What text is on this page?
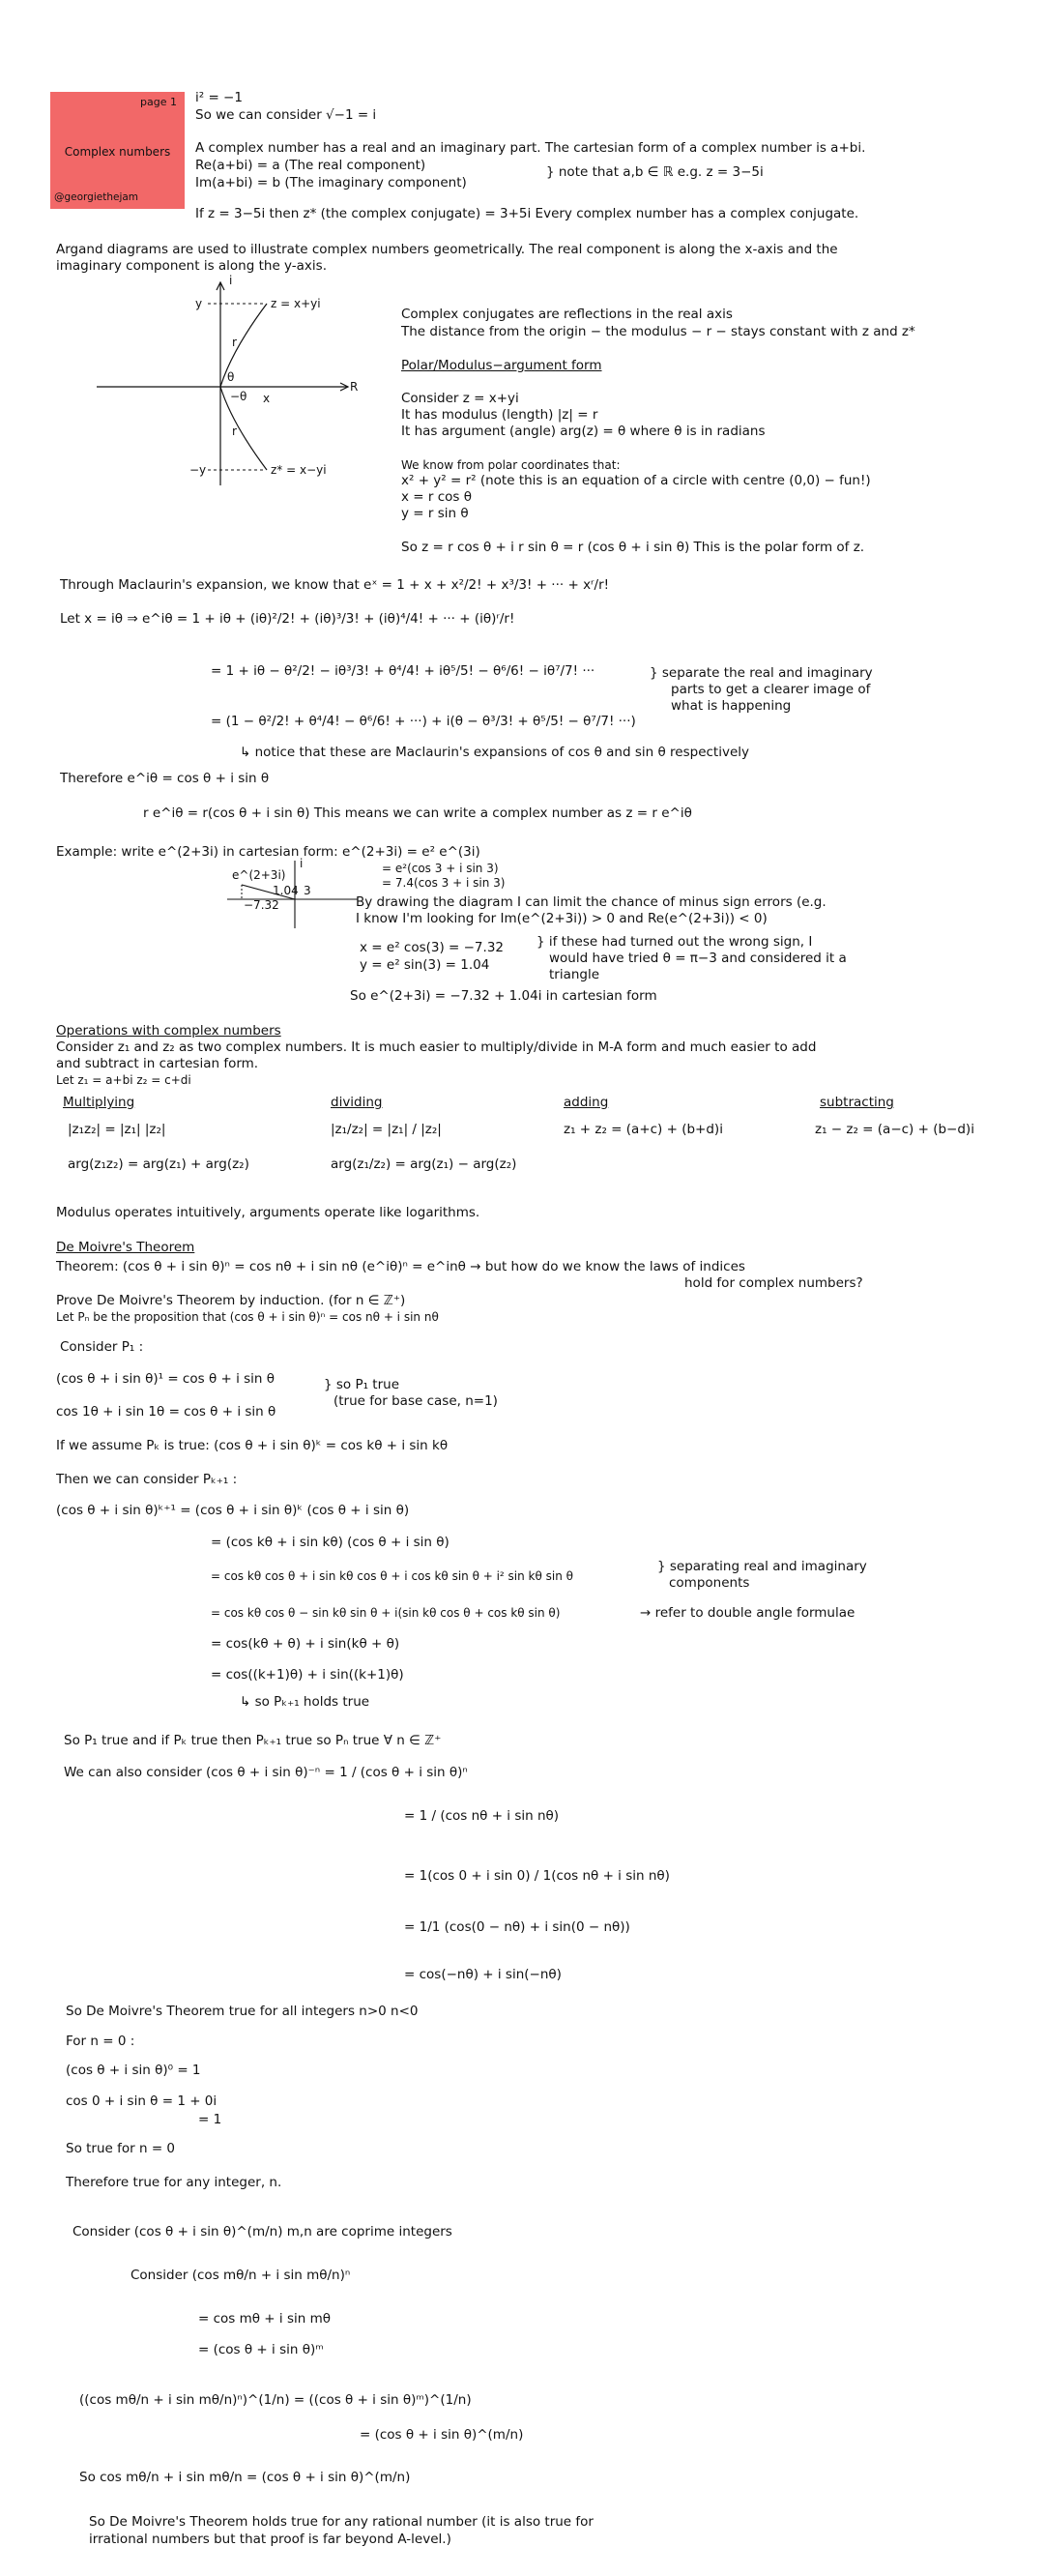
page 1
Complex numbers
@georgiethejam
i² = −1
So we can consider √−1 = i
A complex number has a real and an imaginary part. The cartesian form of a complex number is a+bi.
Re(a+bi) = a (The real component)
Im(a+bi) = b (The imaginary component)
} note that a,b ∈ ℝ e.g. z = 3−5i
If z = 3−5i then z* (the complex conjugate) = 3+5i Every complex number has a complex conjugate.
Argand diagrams are used to illustrate complex numbers geometrically. The real component is along the x-axis and the
imaginary component is along the y-axis.
i
R
z = x+yi
z* = x−yi
y
−y
x
r
r
θ
−θ
Complex conjugates are reflections in the real axis
The distance from the origin − the modulus − r − stays constant with z and z*
Polar/Modulus−argument form
Consider z = x+yi
It has modulus (length) |z| = r
It has argument (angle) arg(z) = θ where θ is in radians
We know from polar coordinates that:
x² + y² = r² (note this is an equation of a circle with centre (0,0) − fun!)
x = r cos θ
y = r sin θ
So z = r cos θ + i r sin θ = r (cos θ + i sin θ) This is the polar form of z.
Through Maclaurin's expansion, we know that eˣ = 1 + x + x²/2! + x³/3! + ··· + xʳ/r!
Let x = iθ ⇒ e^iθ = 1 + iθ + (iθ)²/2! + (iθ)³/3! + (iθ)⁴/4! + ··· + (iθ)ʳ/r!
= 1 + iθ − θ²/2! − iθ³/3! + θ⁴/4! + iθ⁵/5! − θ⁶/6! − iθ⁷/7! ···	} separate the real and imaginary
parts to get a clearer image of
what is happening
= (1 − θ²/2! + θ⁴/4! − θ⁶/6! + ···) + i(θ − θ³/3! + θ⁵/5! − θ⁷/7! ···)
↳ notice that these are Maclaurin's expansions of cos θ and sin θ respectively
Therefore e^iθ = cos θ + i sin θ
r e^iθ = r(cos θ + i sin θ) This means we can write a complex number as z = r e^iθ
Example: write e^(2+3i) in cartesian form: e^(2+3i) = e² e^(3i)
= e²(cos 3 + i sin 3)
= 7.4(cos 3 + i sin 3)
e^(2+3i)
−7.32
1.04 3
i
By drawing the diagram I can limit the chance of minus sign errors (e.g.
I know I'm looking for Im(e^(2+3i)) > 0 and Re(e^(2+3i)) < 0)
x = e² cos(3) = −7.32
y = e² sin(3) = 1.04
} if these had turned out the wrong sign, I
would have tried θ = π−3 and considered it a
triangle
So e^(2+3i) = −7.32 + 1.04i in cartesian form
Operations with complex numbers
Consider z₁ and z₂ as two complex numbers. It is much easier to multiply/divide in M-A form and much easier to add
and subtract in cartesian form.
Let z₁ = a+bi z₂ = c+di
Multiplying
|z₁z₂| = |z₁| |z₂|
arg(z₁z₂) = arg(z₁) + arg(z₂)
dividing
|z₁/z₂| = |z₁| / |z₂|
arg(z₁/z₂) = arg(z₁) − arg(z₂)
adding
z₁ + z₂ = (a+c) + (b+d)i
subtracting
z₁ − z₂ = (a−c) + (b−d)i
Modulus operates intuitively, arguments operate like logarithms.
De Moivre's Theorem
Theorem: (cos θ + i sin θ)ⁿ = cos nθ + i sin nθ (e^iθ)ⁿ = e^inθ → but how do we know the laws of indices
hold for complex numbers?
Prove De Moivre's Theorem by induction. (for n ∈ ℤ⁺)
Let Pₙ be the proposition that (cos θ + i sin θ)ⁿ = cos nθ + i sin nθ
Consider P₁ :
(cos θ + i sin θ)¹ = cos θ + i sin θ
cos 1θ + i sin 1θ = cos θ + i sin θ
} so P₁ true
(true for base case, n=1)
If we assume Pₖ is true: (cos θ + i sin θ)ᵏ = cos kθ + i sin kθ
Then we can consider Pₖ₊₁ :
(cos θ + i sin θ)ᵏ⁺¹ = (cos θ + i sin θ)ᵏ (cos θ + i sin θ)
= (cos kθ + i sin kθ) (cos θ + i sin θ)
= cos kθ cos θ + i sin kθ cos θ + i cos kθ sin θ + i² sin kθ sin θ
} separating real and imaginary
components
= cos kθ cos θ − sin kθ sin θ + i(sin kθ cos θ + cos kθ sin θ)	→ refer to double angle formulae
= cos(kθ + θ) + i sin(kθ + θ)
= cos((k+1)θ) + i sin((k+1)θ)
↳ so Pₖ₊₁ holds true
So P₁ true and if Pₖ true then Pₖ₊₁ true so Pₙ true ∀ n ∈ ℤ⁺
We can also consider (cos θ + i sin θ)⁻ⁿ = 1 / (cos θ + i sin θ)ⁿ
= 1 / (cos nθ + i sin nθ)
= 1(cos 0 + i sin 0) / 1(cos nθ + i sin nθ)
= 1/1 (cos(0 − nθ) + i sin(0 − nθ))
= cos(−nθ) + i sin(−nθ)
So De Moivre's Theorem true for all integers n>0 n<0
For n = 0 :
(cos θ + i sin θ)⁰ = 1
cos 0 + i sin θ = 1 + 0i
= 1
So true for n = 0
Therefore true for any integer, n.
Consider (cos θ + i sin θ)^(m/n) m,n are coprime integers
Consider (cos mθ/n + i sin mθ/n)ⁿ
= cos mθ + i sin mθ
= (cos θ + i sin θ)ᵐ
((cos mθ/n + i sin mθ/n)ⁿ)^(1/n) = ((cos θ + i sin θ)ᵐ)^(1/n)
= (cos θ + i sin θ)^(m/n)
So cos mθ/n + i sin mθ/n = (cos θ + i sin θ)^(m/n)
So De Moivre's Theorem holds true for any rational number (it is also true for
irrational numbers but that proof is far beyond A-level.)
